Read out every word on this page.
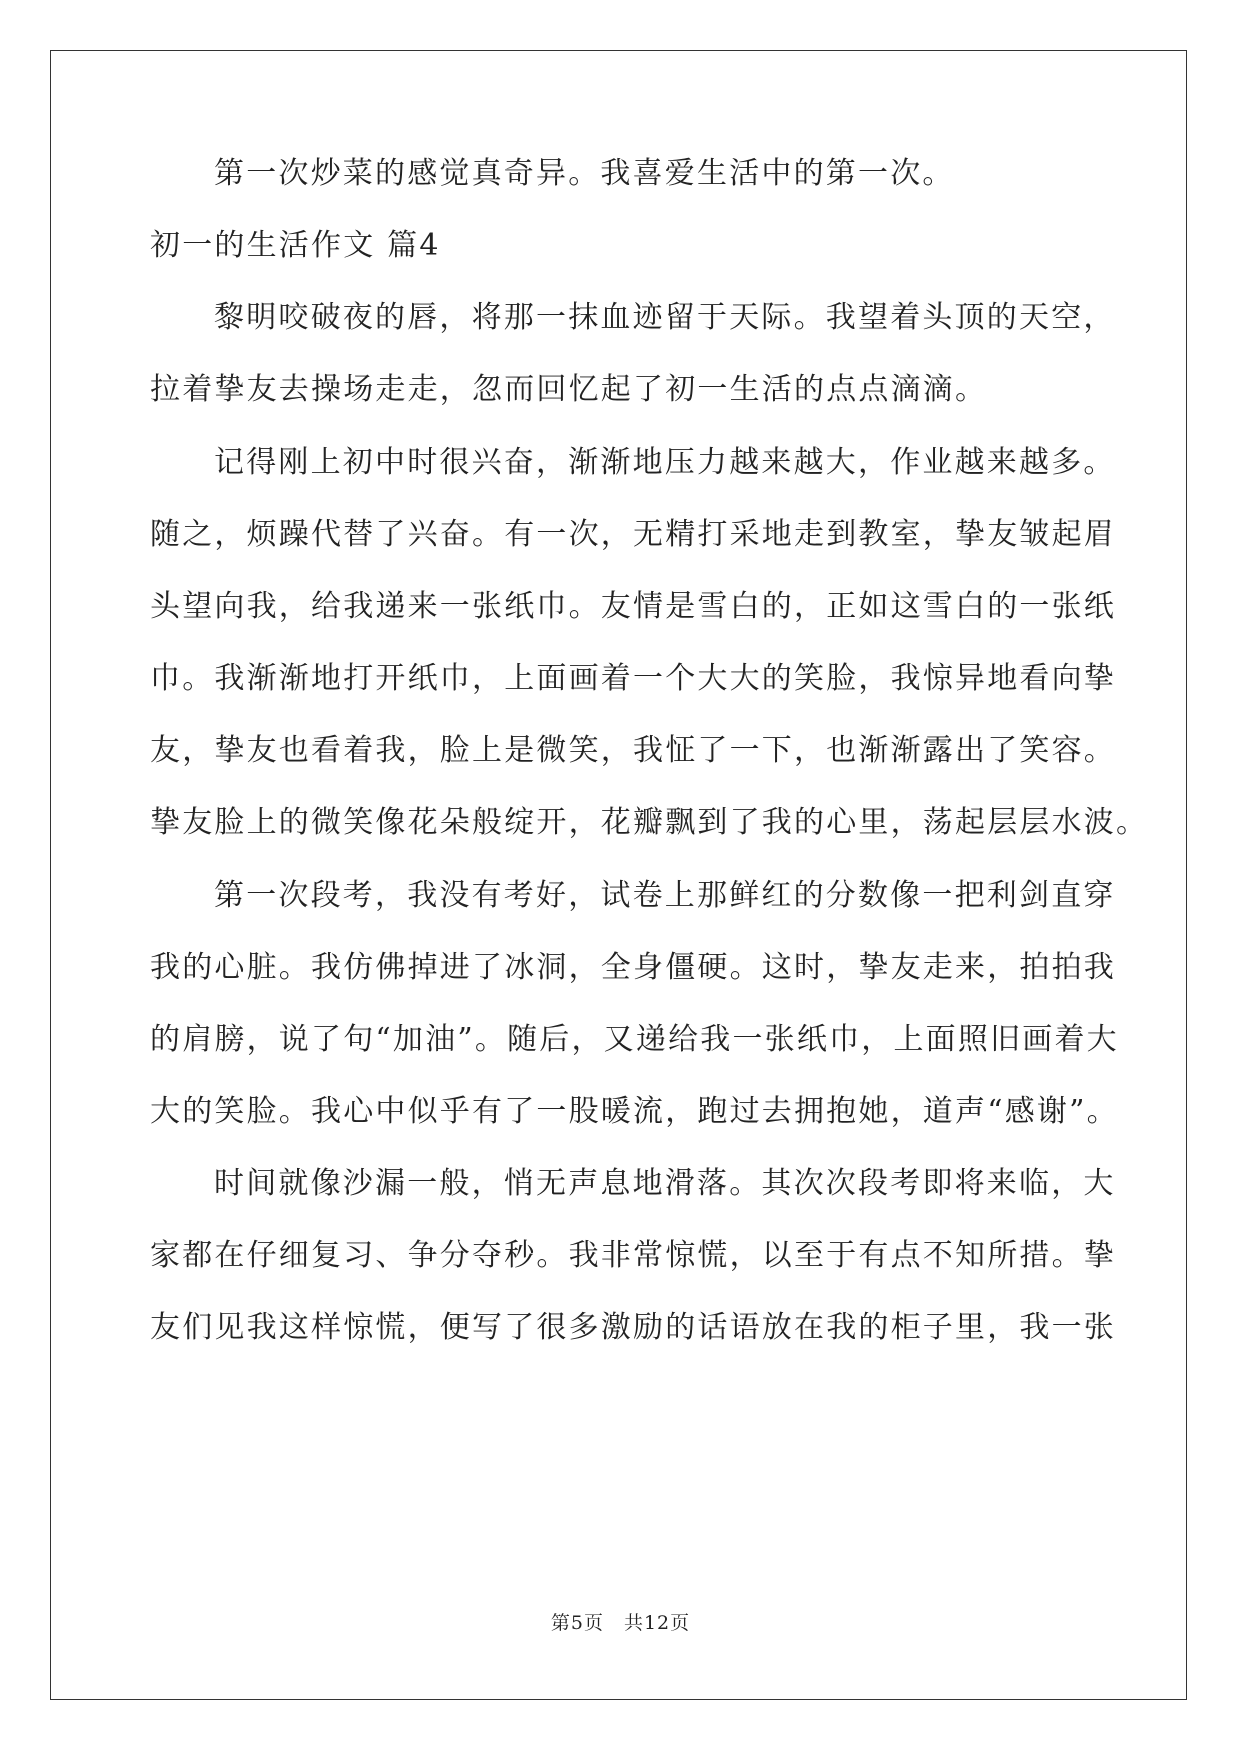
第一次炒菜的感觉真奇异。我喜爱生活中的第一次。
初一的生活作文 篇4
黎明咬破夜的唇，将那一抹血迹留于天际。我望着头顶的天空，
拉着挚友去操场走走，忽而回忆起了初一生活的点点滴滴。
记得刚上初中时很兴奋，渐渐地压力越来越大，作业越来越多。
随之，烦躁代替了兴奋。有一次，无精打采地走到教室，挚友皱起眉
头望向我，给我递来一张纸巾。友情是雪白的，正如这雪白的一张纸
巾。我渐渐地打开纸巾，上面画着一个大大的笑脸，我惊异地看向挚
友，挚友也看着我，脸上是微笑，我怔了一下，也渐渐露出了笑容。
挚友脸上的微笑像花朵般绽开，花瓣飘到了我的心里，荡起层层水波。
第一次段考，我没有考好，试卷上那鲜红的分数像一把利剑直穿
我的心脏。我仿佛掉进了冰洞，全身僵硬。这时，挚友走来，拍拍我
的肩膀，说了句“加油”。随后，又递给我一张纸巾，上面照旧画着大
大的笑脸。我心中似乎有了一股暖流，跑过去拥抱她，道声“感谢”。
时间就像沙漏一般，悄无声息地滑落。其次次段考即将来临，大
家都在仔细复习、争分夺秒。我非常惊慌，以至于有点不知所措。挚
友们见我这样惊慌，便写了很多激励的话语放在我的柜子里，我一张
第5页　共12页
